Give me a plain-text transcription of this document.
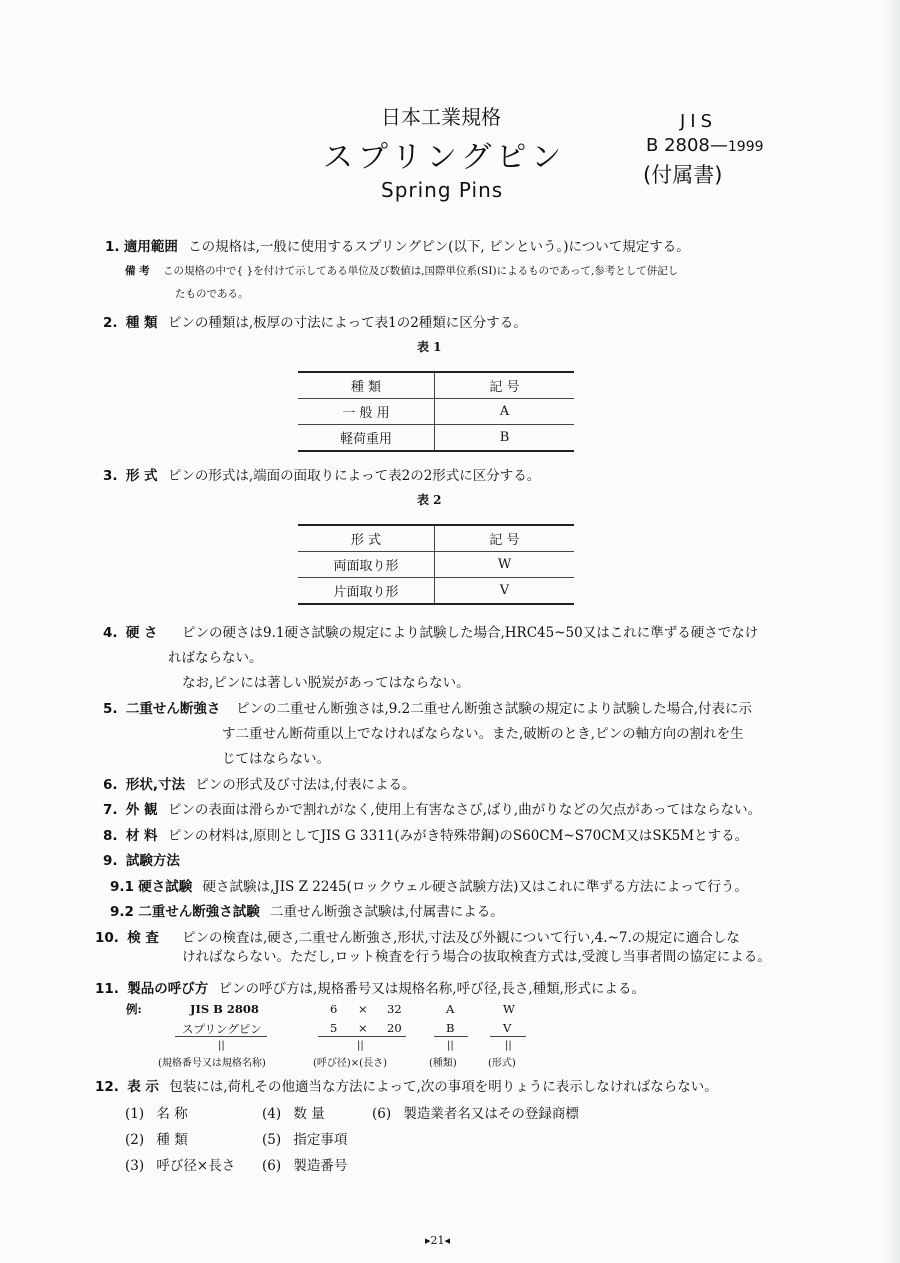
日本工業規格
スプリングピン
Spring Pins
JIS
B 2808—1999
(付属書)
1. 適用範囲 この規格は,一般に使用するスプリングピン(以下, ピンという。)について規定する。
備 考 この規格の中で{ }を付けて示してある単位及び数値は,国際単位系(SI)によるものであって,参考として併記し
たものである。
2. 種 類 ピンの種類は,板厚の寸法によって表1の2種類に区分する。
表 1
種 類	記 号
一 般 用	A
軽荷重用	B
3. 形 式 ピンの形式は,端面の面取りによって表2の2形式に区分する。
表 2
形 式	記 号
両面取り形	W
片面取り形	V
4. 硬 さ ピンの硬さは9.1硬さ試験の規定により試験した場合,HRC45~50又はこれに準ずる硬さでなけ
ればならない。
なお,ピンには著しい脱炭があってはならない。
5. 二重せん断強さ ピンの二重せん断強さは,9.2二重せん断強さ試験の規定により試験した場合,付表に示
す二重せん断荷重以上でなければならない。また,破断のとき,ピンの軸方向の割れを生
じてはならない。
6. 形状,寸法 ピンの形式及び寸法は,付表による。
7. 外 観 ピンの表面は滑らかで割れがなく,使用上有害なさび,ばり,曲がりなどの欠点があってはならない。
8. 材 料 ピンの材料は,原則としてJIS G 3311(みがき特殊帯鋼)のS60CM~S70CM又はSK5Mとする。
9. 試験方法
9.1 硬さ試験 硬さ試験は,JIS Z 2245(ロックウェル硬さ試験方法)又はこれに準ずる方法によって行う。
9.2 二重せん断強さ試験 二重せん断強さ試験は,付属書による。
10. 検 査 ピンの検査は,硬さ,二重せん断強さ,形状,寸法及び外観について行い,4.~7.の規定に適合しな
ければならない。ただし,ロット検査を行う場合の抜取検査方式は,受渡し当事者間の協定による。
11. 製品の呼び方 ピンの呼び方は,規格番号又は規格名称,呼び径,長さ,種類,形式による。
例:	JIS B 2808	6 × 32	A	W
スプリングピン	5 × 20	B	V
||	||	||	||
(規格番号又は規格名称)	(呼び径)×(長さ)	(種類)	(形式)
12. 表 示 包装には,荷札その他適当な方法によって,次の事項を明りょうに表示しなければならない。
(1) 名 称
(2) 種 類
(3) 呼び径×長さ
(4) 数 量
(5) 指定事項
(6) 製造番号
(6) 製造業者名又はその登録商標
▸21◂
